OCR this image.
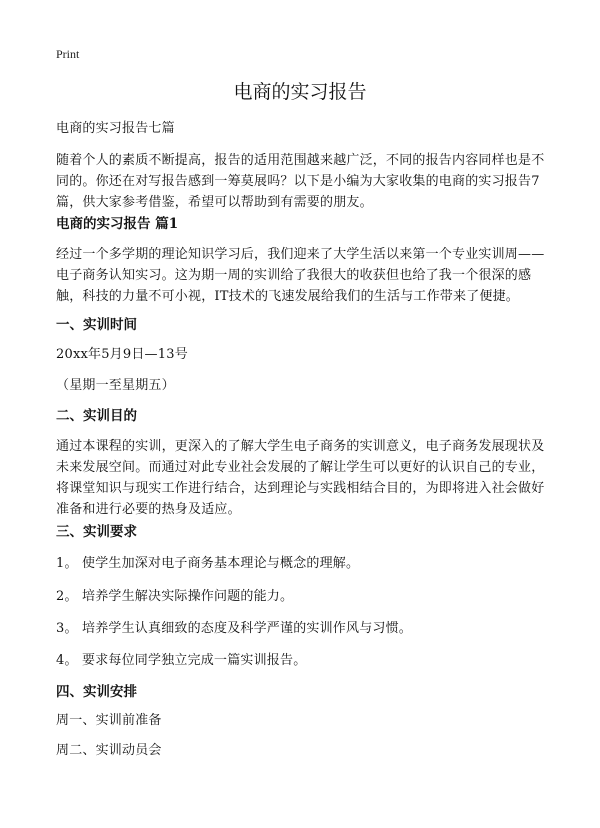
Print
电商的实习报告

电商的实习报告七篇

随着个人的素质不断提高，报告的适用范围越来越广泛，不同的报告内容同样也是不同的。你还在对写报告感到一筹莫展吗？以下是小编为大家收集的电商的实习报告7篇，供大家参考借鉴，希望可以帮助到有需要的朋友。

电商的实习报告 篇1

经过一个多学期的理论知识学习后，我们迎来了大学生活以来第一个专业实训周——电子商务认知实习。这为期一周的实训给了我很大的收获但也给了我一个很深的感触，科技的力量不可小视，IT技术的飞速发展给我们的生活与工作带来了便捷。

一、实训时间

20xx年5月9日—13号

（星期一至星期五）

二、实训目的

通过本课程的实训，更深入的了解大学生电子商务的实训意义，电子商务发展现状及未来发展空间。而通过对此专业社会发展的了解让学生可以更好的认识自己的专业，将课堂知识与现实工作进行结合，达到理论与实践相结合目的，为即将进入社会做好准备和进行必要的热身及适应。

三、实训要求

1。 使学生加深对电子商务基本理论与概念的理解。

2。 培养学生解决实际操作问题的能力。

3。 培养学生认真细致的态度及科学严谨的实训作风与习惯。

4。 要求每位同学独立完成一篇实训报告。

四、实训安排

周一、实训前准备

周二、实训动员会
